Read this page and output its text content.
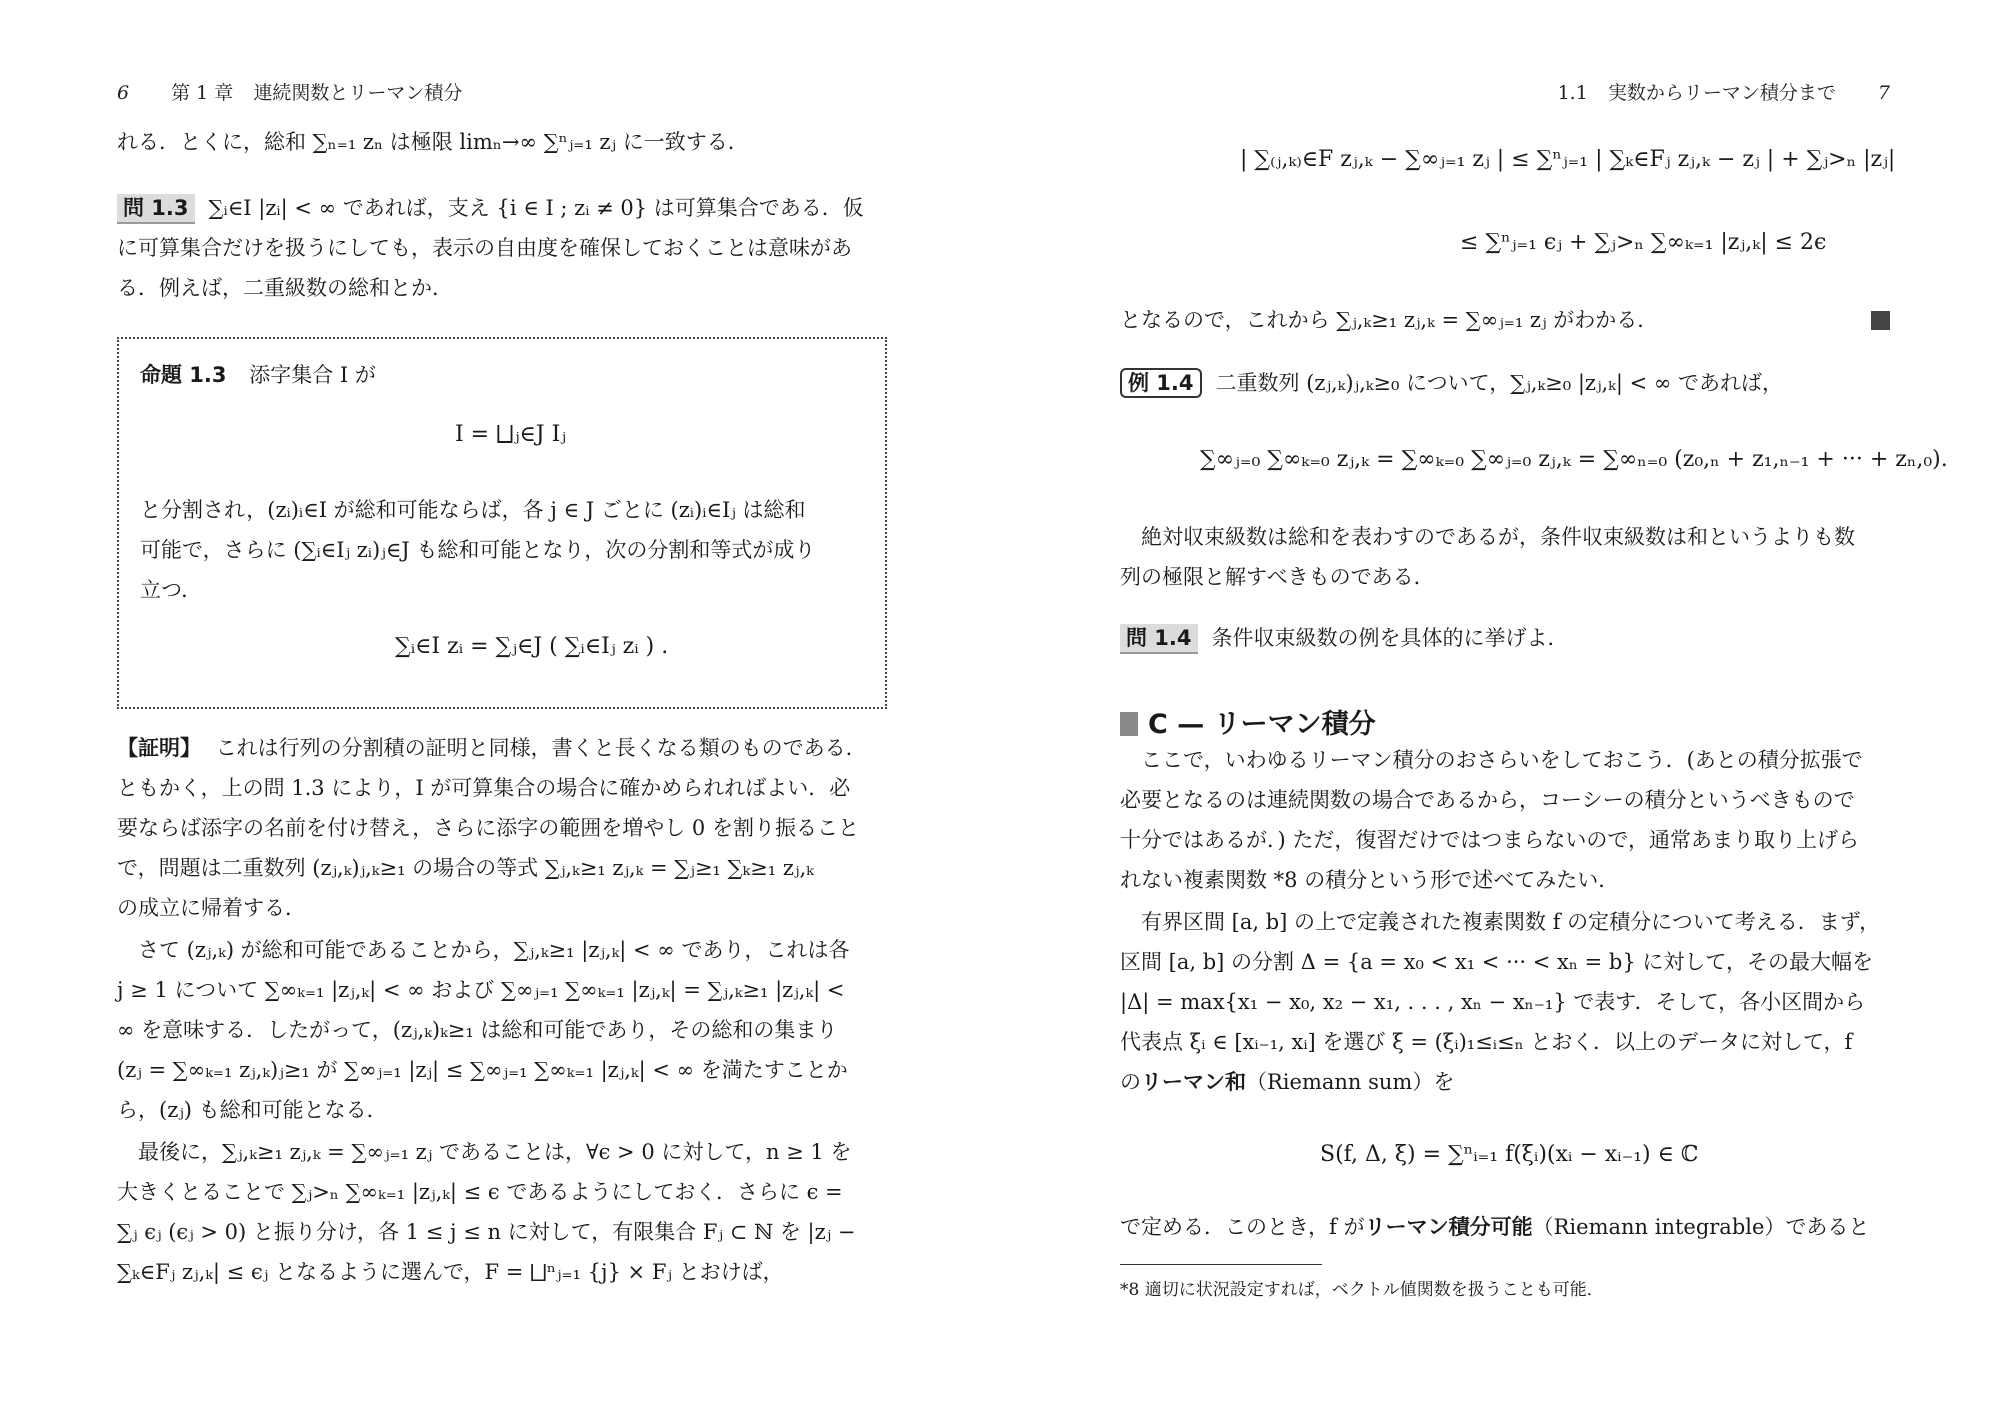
6 第 1 章 連続関数とリーマン積分
れる．とくに，総和 ∑ₙ₌₁ zₙ は極限 limₙ→∞ ∑ⁿⱼ₌₁ zⱼ に一致する．
問 1.3 ∑ᵢ∈I |zᵢ| < ∞ であれば，支え {i ∈ I ; zᵢ ≠ 0} は可算集合である．仮
に可算集合だけを扱うにしても，表示の自由度を確保しておくことは意味があ
る．例えば，二重級数の総和とか．
命題 1.3 添字集合 I が
I = ⨆ⱼ∈J Iⱼ
と分割され，(zᵢ)ᵢ∈I が総和可能ならば，各 j ∈ J ごとに (zᵢ)ᵢ∈Iⱼ は総和
可能で，さらに (∑ᵢ∈Iⱼ zᵢ)ⱼ∈J も総和可能となり，次の分割和等式が成り
立つ．
∑ᵢ∈I zᵢ = ∑ⱼ∈J ( ∑ᵢ∈Iⱼ zᵢ ) .
【証明】 これは行列の分割積の証明と同様，書くと長くなる類のものである．
ともかく，上の問 1.3 により，I が可算集合の場合に確かめられればよい．必
要ならば添字の名前を付け替え，さらに添字の範囲を増やし 0 を割り振ること
で，問題は二重数列 (zⱼ,ₖ)ⱼ,ₖ≥₁ の場合の等式 ∑ⱼ,ₖ≥₁ zⱼ,ₖ = ∑ⱼ≥₁ ∑ₖ≥₁ zⱼ,ₖ
の成立に帰着する．
　さて (zⱼ,ₖ) が総和可能であることから，∑ⱼ,ₖ≥₁ |zⱼ,ₖ| < ∞ であり，これは各
j ≥ 1 について ∑∞ₖ₌₁ |zⱼ,ₖ| < ∞ および ∑∞ⱼ₌₁ ∑∞ₖ₌₁ |zⱼ,ₖ| = ∑ⱼ,ₖ≥₁ |zⱼ,ₖ| <
∞ を意味する．したがって，(zⱼ,ₖ)ₖ≥₁ は総和可能であり，その総和の集まり
(zⱼ = ∑∞ₖ₌₁ zⱼ,ₖ)ⱼ≥₁ が ∑∞ⱼ₌₁ |zⱼ| ≤ ∑∞ⱼ₌₁ ∑∞ₖ₌₁ |zⱼ,ₖ| < ∞ を満たすことか
ら，(zⱼ) も総和可能となる．
　最後に，∑ⱼ,ₖ≥₁ zⱼ,ₖ = ∑∞ⱼ₌₁ zⱼ であることは，∀ϵ > 0 に対して，n ≥ 1 を
大きくとることで ∑ⱼ>ₙ ∑∞ₖ₌₁ |zⱼ,ₖ| ≤ ϵ であるようにしておく．さらに ϵ =
∑ⱼ ϵⱼ (ϵⱼ > 0) と振り分け，各 1 ≤ j ≤ n に対して，有限集合 Fⱼ ⊂ ℕ を |zⱼ −
∑ₖ∈Fⱼ zⱼ,ₖ| ≤ ϵⱼ となるように選んで，F = ⨆ⁿⱼ₌₁ {j} × Fⱼ とおけば，
1.1 実数からリーマン積分まで 7
| ∑₍ⱼ,ₖ₎∈F zⱼ,ₖ − ∑∞ⱼ₌₁ zⱼ | ≤ ∑ⁿⱼ₌₁ | ∑ₖ∈Fⱼ zⱼ,ₖ − zⱼ | + ∑ⱼ>ₙ |zⱼ|
≤ ∑ⁿⱼ₌₁ ϵⱼ + ∑ⱼ>ₙ ∑∞ₖ₌₁ |zⱼ,ₖ| ≤ 2ϵ
となるので，これから ∑ⱼ,ₖ≥₁ zⱼ,ₖ = ∑∞ⱼ₌₁ zⱼ がわかる．
例 1.4 二重数列 (zⱼ,ₖ)ⱼ,ₖ≥₀ について，∑ⱼ,ₖ≥₀ |zⱼ,ₖ| < ∞ であれば，
∑∞ⱼ₌₀ ∑∞ₖ₌₀ zⱼ,ₖ = ∑∞ₖ₌₀ ∑∞ⱼ₌₀ zⱼ,ₖ = ∑∞ₙ₌₀ (z₀,ₙ + z₁,ₙ₋₁ + ··· + zₙ,₀).
　絶対収束級数は総和を表わすのであるが，条件収束級数は和というよりも数
列の極限と解すべきものである．
問 1.4 条件収束級数の例を具体的に挙げよ．
C — リーマン積分
　ここで，いわゆるリーマン積分のおさらいをしておこう．(あとの積分拡張で
必要となるのは連続関数の場合であるから，コーシーの積分というべきもので
十分ではあるが．) ただ，復習だけではつまらないので，通常あまり取り上げら
れない複素関数 *8 の積分という形で述べてみたい．
　有界区間 [a, b] の上で定義された複素関数 f の定積分について考える．まず，
区間 [a, b] の分割 Δ = {a = x₀ < x₁ < ··· < xₙ = b} に対して，その最大幅を
|Δ| = max{x₁ − x₀, x₂ − x₁, . . . , xₙ − xₙ₋₁} で表す．そして，各小区間から
代表点 ξᵢ ∈ [xᵢ₋₁, xᵢ] を選び ξ = (ξᵢ)₁≤ᵢ≤ₙ とおく．以上のデータに対して，f
のリーマン和（Riemann sum）を
S(f, Δ, ξ) = ∑ⁿᵢ₌₁ f(ξᵢ)(xᵢ − xᵢ₋₁) ∈ ℂ
で定める．このとき，f がリーマン積分可能（Riemann integrable）であると
*8 適切に状況設定すれば，ベクトル値関数を扱うことも可能．
